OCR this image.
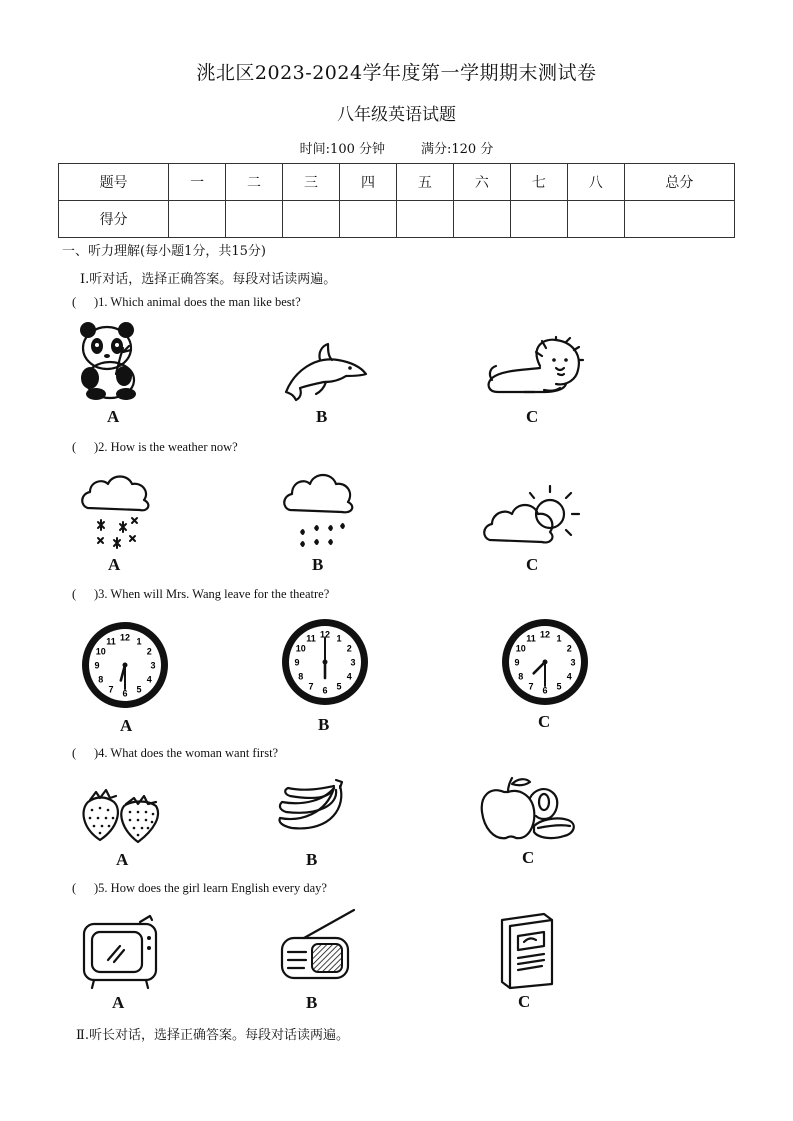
洮北区2023-2024学年度第一学期期末测试卷
八年级英语试题
时间:100 分钟	满分:120 分
题号	一	二	三	四	五	六	七	八	总分
得分									
一、听力理解(每小题1分，共15分)
Ⅰ.听对话，选择正确答案。每段对话读两遍。
( )1. Which animal does the man like best?
A	B	C
( )2. How is the weather now?
A	B	C
( )3. When will Mrs. Wang leave for the theatre?
12 1
2
3
4
5
6
7
8
9
10
11
A
12 1
2
3
4
5
6
7
8
9
10
11
B
12 1
2
3
4
5
6
7
8
9
10
11
C
( )4. What does the woman want first?
A	B	C
( )5. How does the girl learn English every day?
A	B	C
Ⅱ.听长对话，选择正确答案。每段对话读两遍。
